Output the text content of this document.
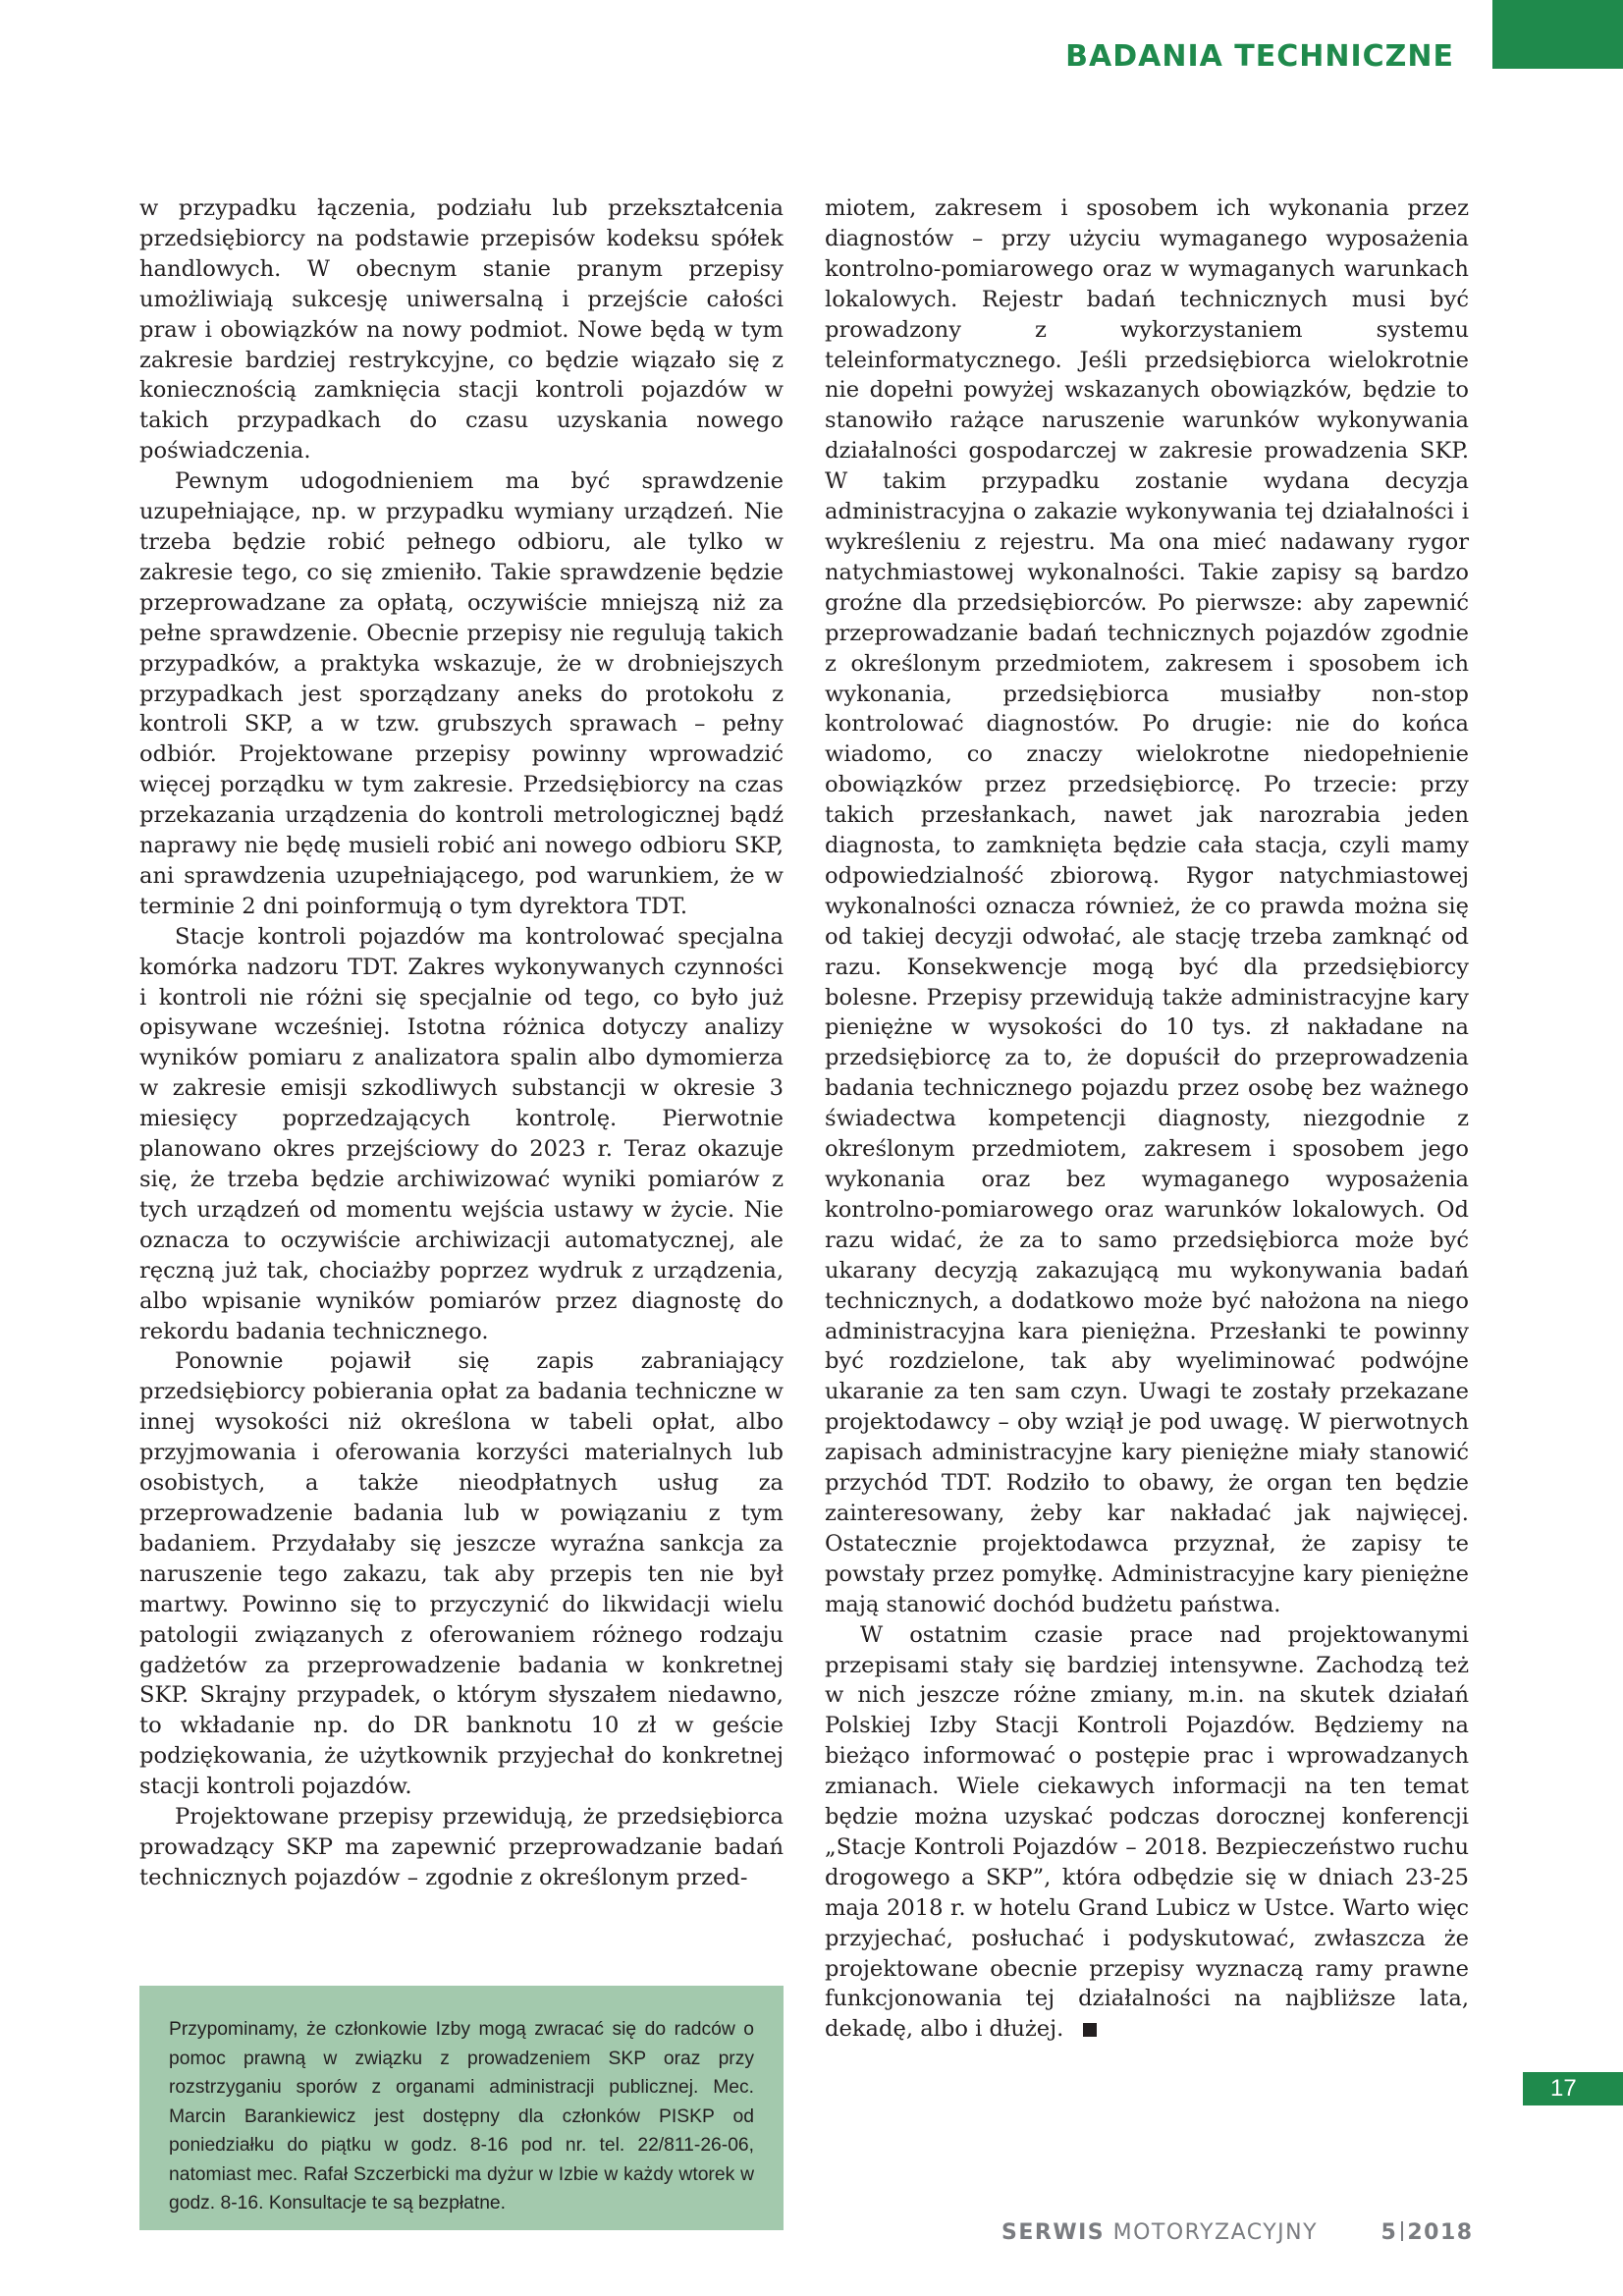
BADANIA TECHNICZNE

w przypadku łączenia, podziału lub przekształcenia przedsiębiorcy na podstawie przepisów kodeksu spółek handlowych. W obecnym stanie pranym przepisy umożliwiają sukcesję uniwersalną i przejście całości praw i obowiązków na nowy podmiot. Nowe będą w tym zakresie bardziej restrykcyjne, co będzie wiązało się z koniecznością zamknięcia stacji kontroli pojazdów w takich przypadkach do czasu uzyskania nowego poświadczenia.

Pewnym udogodnieniem ma być sprawdzenie uzupełniające, np. w przypadku wymiany urządzeń. Nie trzeba będzie robić pełnego odbioru, ale tylko w zakresie tego, co się zmieniło. Takie sprawdzenie będzie przeprowadzane za opłatą, oczywiście mniejszą niż za pełne sprawdzenie. Obecnie przepisy nie regulują takich przypadków, a praktyka wskazuje, że w drobniejszych przypadkach jest sporządzany aneks do protokołu z kontroli SKP, a w tzw. grubszych sprawach – pełny odbiór. Projektowane przepisy powinny wprowadzić więcej porządku w tym zakresie. Przedsiębiorcy na czas przekazania urządzenia do kontroli metrologicznej bądź naprawy nie będę musieli robić ani nowego odbioru SKP, ani sprawdzenia uzupełniającego, pod warunkiem, że w terminie 2 dni poinformują o tym dyrektora TDT.

Stacje kontroli pojazdów ma kontrolować specjalna komórka nadzoru TDT. Zakres wykonywanych czynności i kontroli nie różni się specjalnie od tego, co było już opisywane wcześniej. Istotna różnica dotyczy analizy wyników pomiaru z analizatora spalin albo dymomierza w zakresie emisji szkodliwych substancji w okresie 3 miesięcy poprzedzających kontrolę. Pierwotnie planowano okres przejściowy do 2023 r. Teraz okazuje się, że trzeba będzie archiwizować wyniki pomiarów z tych urządzeń od momentu wejścia ustawy w życie. Nie oznacza to oczywiście archiwizacji automatycznej, ale ręczną już tak, chociażby poprzez wydruk z urządzenia, albo wpisanie wyników pomiarów przez diagnostę do rekordu badania technicznego.

Ponownie pojawił się zapis zabraniający przedsiębiorcy pobierania opłat za badania techniczne w innej wysokości niż określona w tabeli opłat, albo przyjmowania i oferowania korzyści materialnych lub osobistych, a także nieodpłatnych usług za przeprowadzenie badania lub w powiązaniu z tym badaniem. Przydałaby się jeszcze wyraźna sankcja za naruszenie tego zakazu, tak aby przepis ten nie był martwy. Powinno się to przyczynić do likwidacji wielu patologii związanych z oferowaniem różnego rodzaju gadżetów za przeprowadzenie badania w konkretnej SKP. Skrajny przypadek, o którym słyszałem niedawno, to wkładanie np. do DR banknotu 10 zł w geście podziękowania, że użytkownik przyjechał do konkretnej stacji kontroli pojazdów.

Projektowane przepisy przewidują, że przedsiębiorca prowadzący SKP ma zapewnić przeprowadzanie badań technicznych pojazdów – zgodnie z określonym przed-

miotem, zakresem i sposobem ich wykonania przez diagnostów – przy użyciu wymaganego wyposażenia kontrolno-pomiarowego oraz w wymaganych warunkach lokalowych. Rejestr badań technicznych musi być prowadzony z wykorzystaniem systemu teleinformatycznego. Jeśli przedsiębiorca wielokrotnie nie dopełni powyżej wskazanych obowiązków, będzie to stanowiło rażące naruszenie warunków wykonywania działalności gospodarczej w zakresie prowadzenia SKP. W takim przypadku zostanie wydana decyzja administracyjna o zakazie wykonywania tej działalności i wykreśleniu z rejestru. Ma ona mieć nadawany rygor natychmiastowej wykonalności. Takie zapisy są bardzo groźne dla przedsiębiorców. Po pierwsze: aby zapewnić przeprowadzanie badań technicznych pojazdów zgodnie z określonym przedmiotem, zakresem i sposobem ich wykonania, przedsiębiorca musiałby non-stop kontrolować diagnostów. Po drugie: nie do końca wiadomo, co znaczy wielokrotne niedopełnienie obowiązków przez przedsiębiorcę. Po trzecie: przy takich przesłankach, nawet jak narozrabia jeden diagnosta, to zamknięta będzie cała stacja, czyli mamy odpowiedzialność zbiorową. Rygor natychmiastowej wykonalności oznacza również, że co prawda można się od takiej decyzji odwołać, ale stację trzeba zamknąć od razu. Konsekwencje mogą być dla przedsiębiorcy bolesne. Przepisy przewidują także administracyjne kary pieniężne w wysokości do 10 tys. zł nakładane na przedsiębiorcę za to, że dopuścił do przeprowadzenia badania technicznego pojazdu przez osobę bez ważnego świadectwa kompetencji diagnosty, niezgodnie z określonym przedmiotem, zakresem i sposobem jego wykonania oraz bez wymaganego wyposażenia kontrolno-pomiarowego oraz warunków lokalowych. Od razu widać, że za to samo przedsiębiorca może być ukarany decyzją zakazującą mu wykonywania badań technicznych, a dodatkowo może być nałożona na niego administracyjna kara pieniężna. Przesłanki te powinny być rozdzielone, tak aby wyeliminować podwójne ukaranie za ten sam czyn. Uwagi te zostały przekazane projektodawcy – oby wziął je pod uwagę. W pierwotnych zapisach administracyjne kary pieniężne miały stanowić przychód TDT. Rodziło to obawy, że organ ten będzie zainteresowany, żeby kar nakładać jak najwięcej. Ostatecznie projektodawca przyznał, że zapisy te powstały przez pomyłkę. Administracyjne kary pieniężne mają stanowić dochód budżetu państwa.

W ostatnim czasie prace nad projektowanymi przepisami stały się bardziej intensywne. Zachodzą też w nich jeszcze różne zmiany, m.in. na skutek działań Polskiej Izby Stacji Kontroli Pojazdów. Będziemy na bieżąco informować o postępie prac i wprowadzanych zmianach. Wiele ciekawych informacji na ten temat będzie można uzyskać podczas dorocznej konferencji „Stacje Kontroli Pojazdów – 2018. Bezpieczeństwo ruchu drogowego a SKP”, która odbędzie się w dniach 23-25 maja 2018 r. w hotelu Grand Lubicz w Ustce. Warto więc przyjechać, posłuchać i podyskutować, zwłaszcza że projektowane obecnie przepisy wyznaczą ramy prawne funkcjonowania tej działalności na najbliższe lata, dekadę, albo i dłużej.

Przypominamy, że członkowie Izby mogą zwracać się do radców o pomoc prawną w związku z prowadzeniem SKP oraz przy rozstrzyganiu sporów z organami administracji publicznej. Mec. Marcin Barankiewicz jest dostępny dla członków PISKP od poniedziałku do piątku w godz. 8-16 pod nr. tel. 22/811-26-06, natomiast mec. Rafał Szczerbicki ma dyżur w Izbie w każdy wtorek w godz. 8-16. Konsultacje te są bezpłatne.
17
SERWIS MOTORYZACYJNY	5 2018
